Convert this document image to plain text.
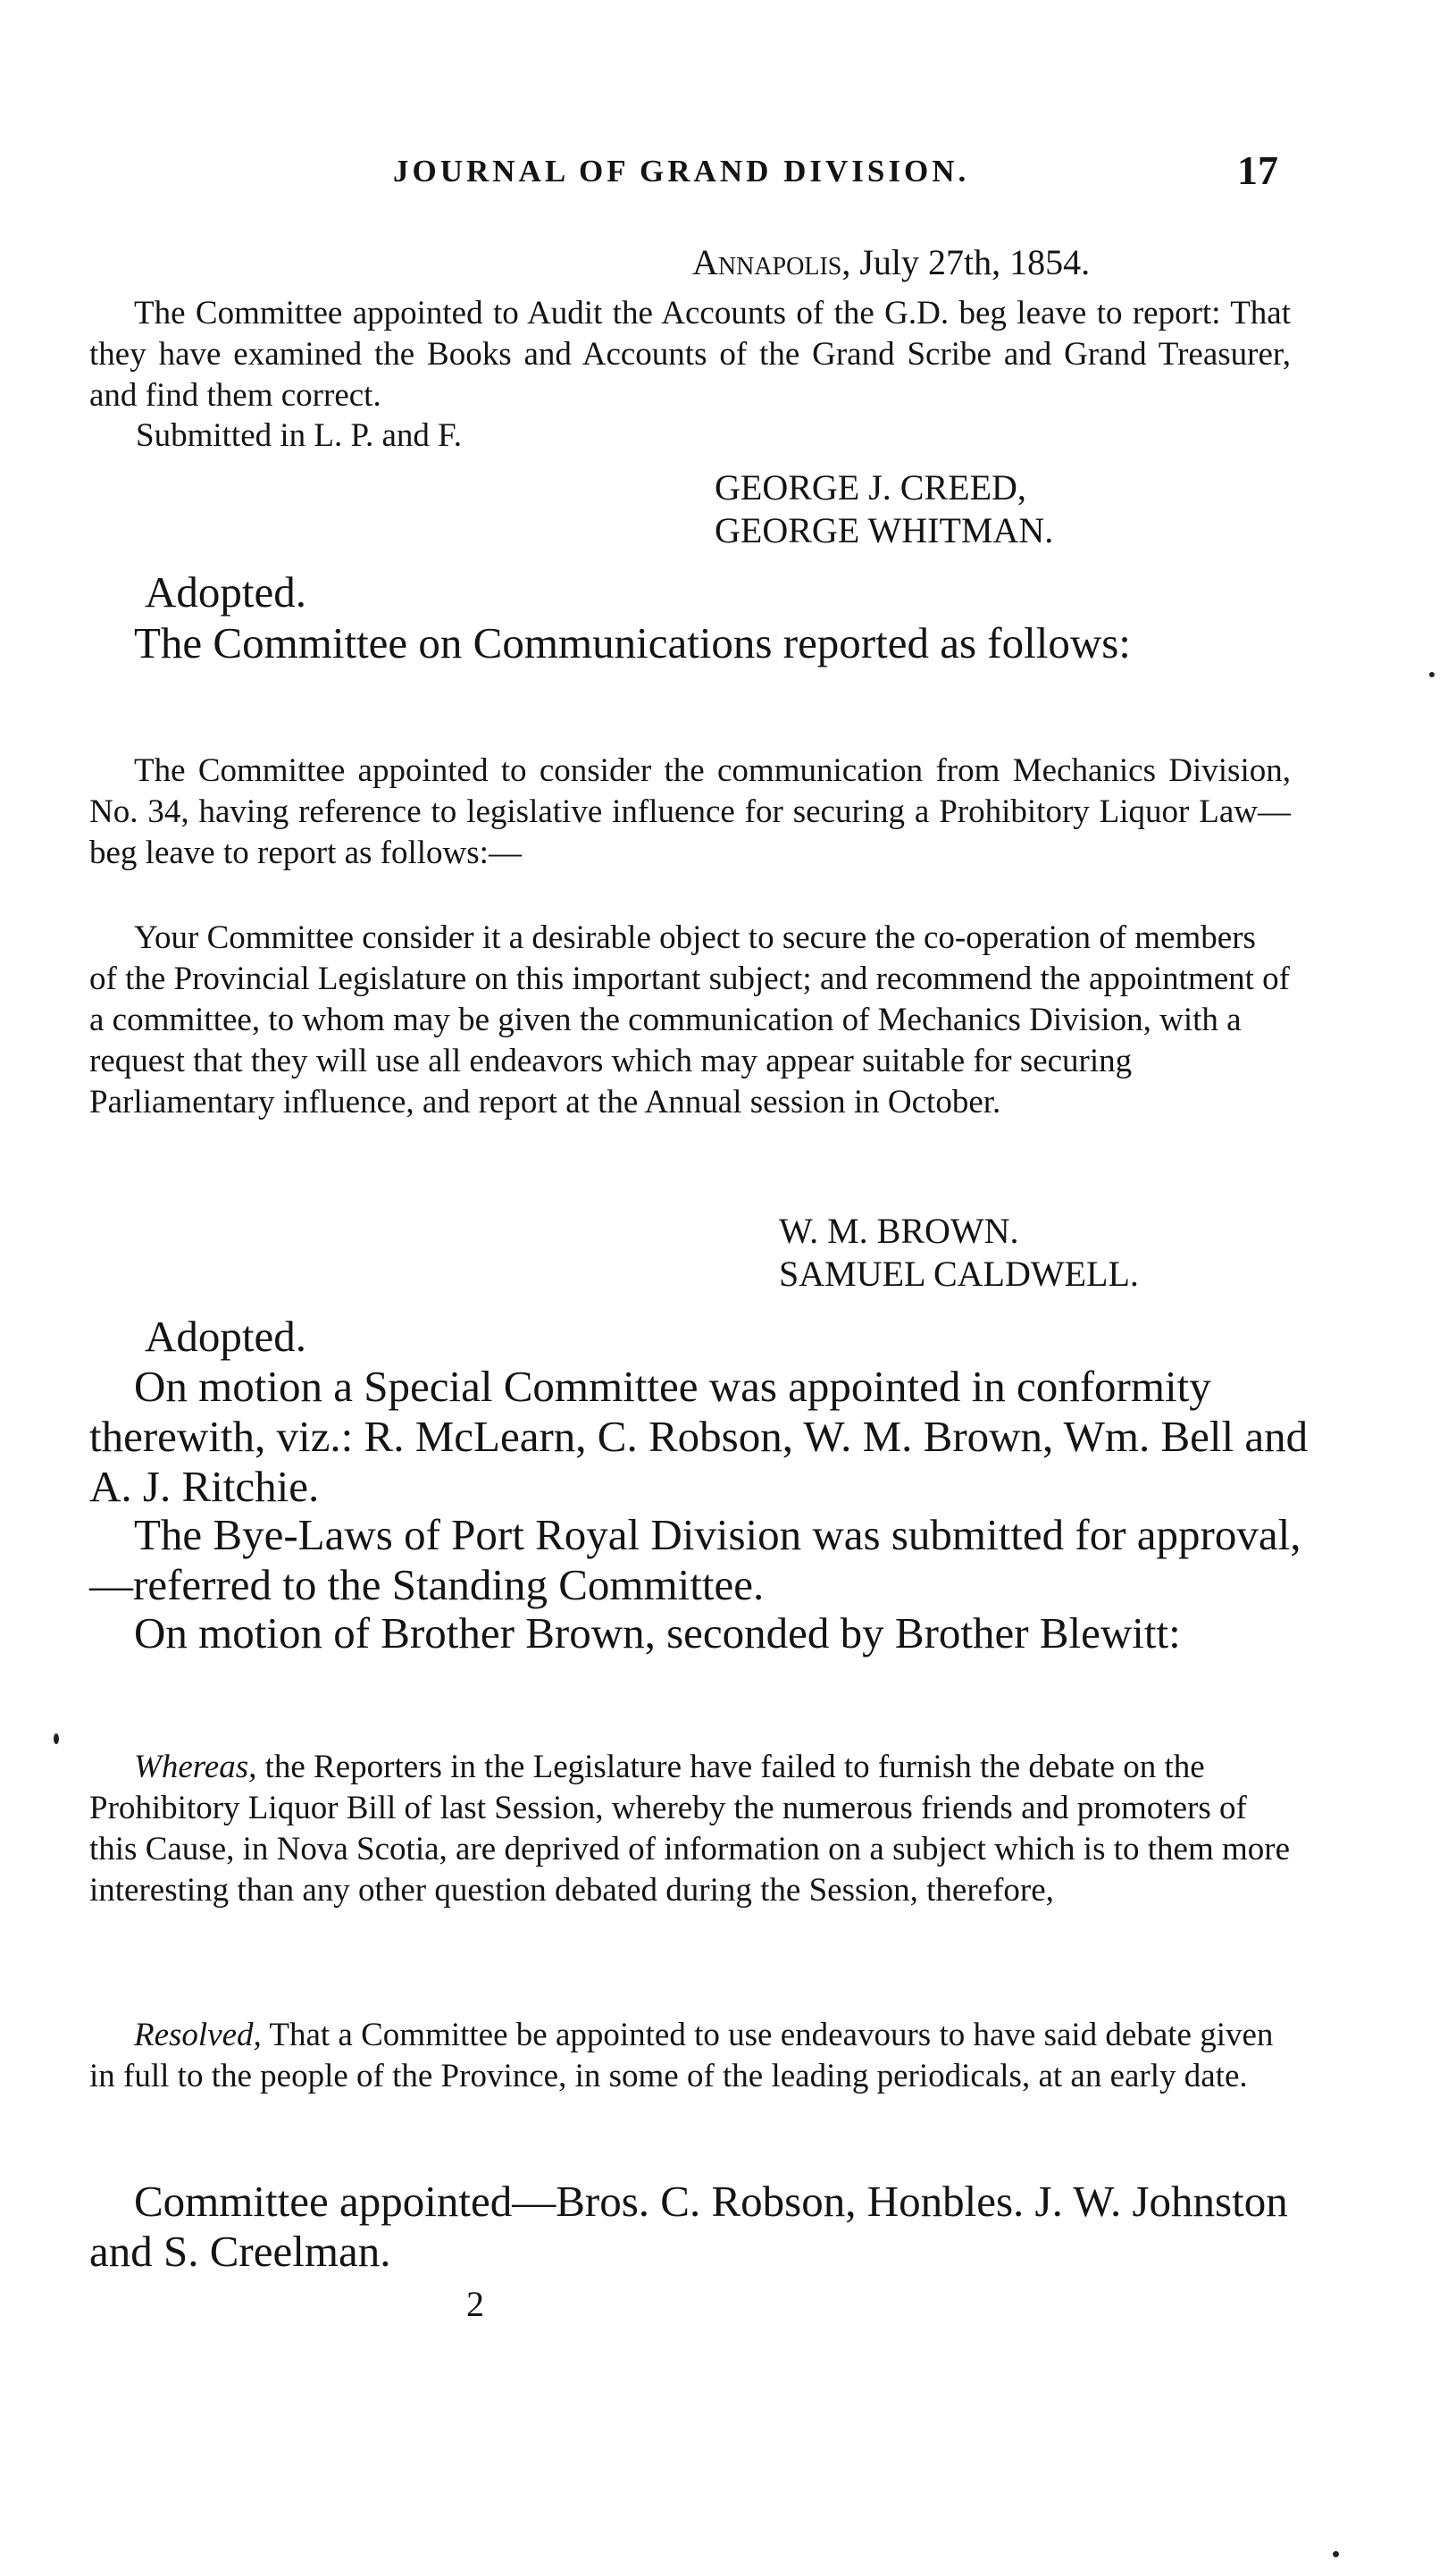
JOURNAL OF GRAND DIVISION.	17
Annapolis, July 27th, 1854.

The Committee appointed to Audit the Accounts of the G.D. beg leave to report: That they have examined the Books and Accounts of the Grand Scribe and Grand Treasurer, and find them correct.

Submitted in L. P. and F.

GEORGE J. CREED,
GEORGE WHITMAN.

Adopted.

The Committee on Communications reported as follows:

The Committee appointed to consider the communication from Mechanics Division, No. 34, having reference to legislative influence for securing a Prohibitory Liquor Law—beg leave to report as follows:—

Your Committee consider it a desirable object to secure the co-operation of members of the Provincial Legislature on this important subject; and recommend the appointment of a committee, to whom may be given the communication of Mechanics Division, with a request that they will use all endeavors which may appear suitable for securing Parliamentary influence, and report at the Annual session in October.

W. M. BROWN.
SAMUEL CALDWELL.

Adopted.

On motion a Special Committee was appointed in conformity therewith, viz.: R. McLearn, C. Robson, W. M. Brown, Wm. Bell and A. J. Ritchie.

The Bye-Laws of Port Royal Division was submitted for approval,—referred to the Standing Committee.

On motion of Brother Brown, seconded by Brother Blewitt:

Whereas, the Reporters in the Legislature have failed to furnish the debate on the Prohibitory Liquor Bill of last Session, whereby the numerous friends and promoters of this Cause, in Nova Scotia, are deprived of information on a subject which is to them more interesting than any other question debated during the Session, therefore,

Resolved, That a Committee be appointed to use endeavours to have said debate given in full to the people of the Province, in some of the leading periodicals, at an early date.

Committee appointed—Bros. C. Robson, Honbles. J. W. Johnston and S. Creelman.

2
